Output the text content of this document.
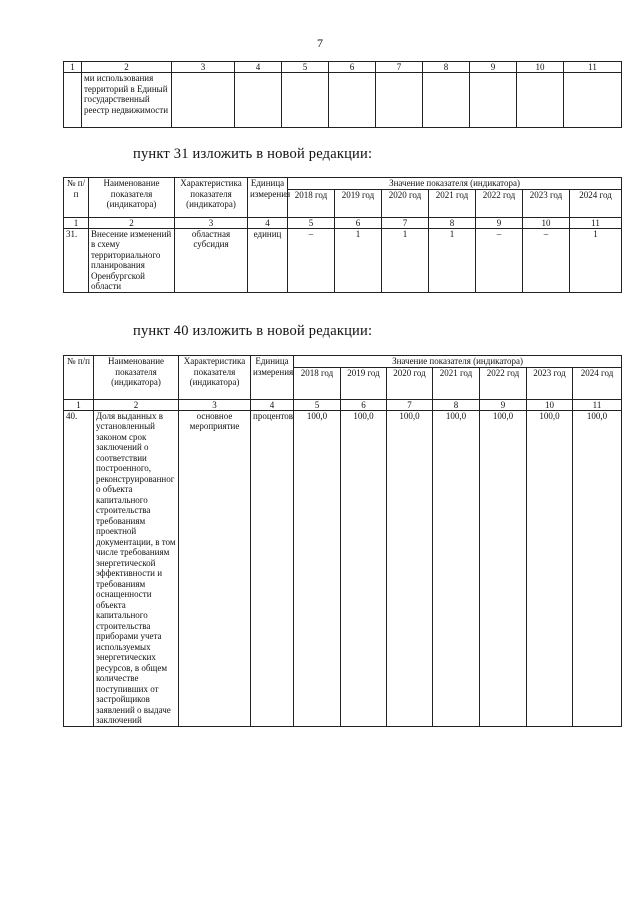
7
1	2	3	4	5	6	7	8	9	10	11
	ми использования территорий в Единый государственный реестр недвижимости									
пункт 31 изложить в новой редакции:
№ п/п	Наименование показателя (индикатора)	Характеристика показателя (индикатора)	Единица измерения	Значение показателя (индикатора)						
				2018 год	2019 год	2020 год	2021 год	2022 год	2023 год	2024 год
1	2	3	4	5	6	7	8	9	10	11
31.	Внесение изменений в схему территориального планирования Оренбургской области	областная субсидия	единиц	–	1	1	1	–	–	1
пункт 40 изложить в новой редакции:
№ п/п	Наименование показателя (индикатора)	Характеристика показателя (индикатора)	Единица измерения	Значение показателя (индикатора)						
				2018 год	2019 год	2020 год	2021 год	2022 год	2023 год	2024 год
1	2	3	4	5	6	7	8	9	10	11
40.	Доля выданных в установленный законом срок заключений о соответствии построенного, реконструированного объекта капитального строительства требованиям проектной документации, в том числе требованиям энергетической эффективности и требованиям оснащенности объекта капитального строительства приборами учета используемых энергетических ресурсов, в общем количестве поступивших от застройщиков заявлений о выдаче заключений	основное мероприятие	процентов	100,0	100,0	100,0	100,0	100,0	100,0	100,0
